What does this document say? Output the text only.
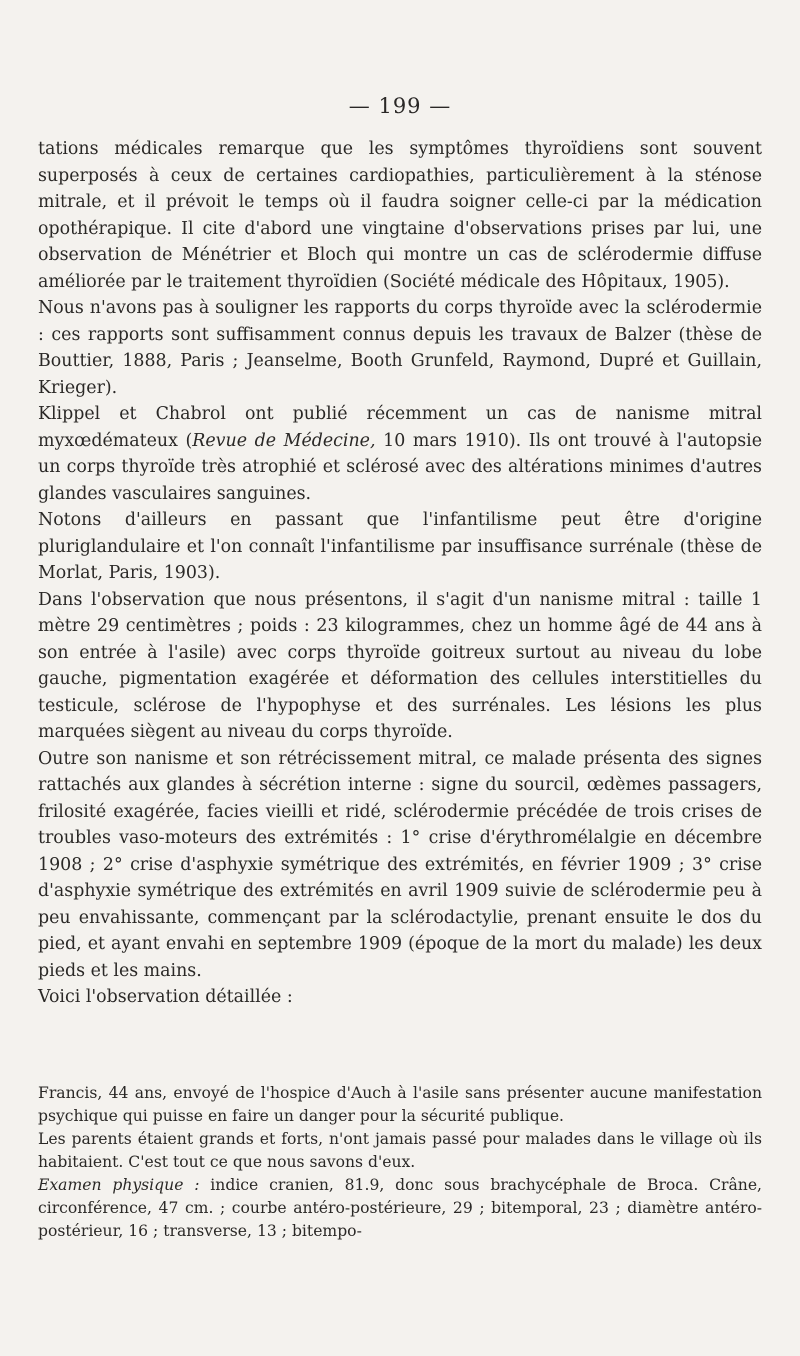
— 199 —

tations médicales remarque que les symptômes thyroïdiens sont souvent superposés à ceux de certaines cardiopathies, particulièrement à la sténose mitrale, et il prévoit le temps où il faudra soigner celle-ci par la médication opothérapique. Il cite d'abord une vingtaine d'observations prises par lui, une observation de Ménétrier et Bloch qui montre un cas de sclérodermie diffuse améliorée par le traitement thyroïdien (Société médicale des Hôpitaux, 1905).

Nous n'avons pas à souligner les rapports du corps thyroïde avec la sclérodermie : ces rapports sont suffisamment connus depuis les travaux de Balzer (thèse de Bouttier, 1888, Paris ; Jeanselme, Booth Grunfeld, Raymond, Dupré et Guillain, Krieger).

Klippel et Chabrol ont publié récemment un cas de nanisme mitral myxœdémateux (Revue de Médecine, 10 mars 1910). Ils ont trouvé à l'autopsie un corps thyroïde très atrophié et sclérosé avec des altérations minimes d'autres glandes vasculaires sanguines.

Notons d'ailleurs en passant que l'infantilisme peut être d'origine pluriglandulaire et l'on connaît l'infantilisme par insuffisance surrénale (thèse de Morlat, Paris, 1903).

Dans l'observation que nous présentons, il s'agit d'un nanisme mitral : taille 1 mètre 29 centimètres ; poids : 23 kilogrammes, chez un homme âgé de 44 ans à son entrée à l'asile) avec corps thyroïde goitreux surtout au niveau du lobe gauche, pigmentation exagérée et déformation des cellules interstitielles du testicule, sclérose de l'hypophyse et des surrénales. Les lésions les plus marquées siègent au niveau du corps thyroïde.

Outre son nanisme et son rétrécissement mitral, ce malade présenta des signes rattachés aux glandes à sécrétion interne : signe du sourcil, œdèmes passagers, frilosité exagérée, facies vieilli et ridé, sclérodermie précédée de trois crises de troubles vaso-moteurs des extrémités : 1° crise d'érythromélalgie en décembre 1908 ; 2° crise d'asphyxie symétrique des extrémités, en février 1909 ; 3° crise d'asphyxie symétrique des extrémités en avril 1909 suivie de sclérodermie peu à peu envahissante, commençant par la sclérodactylie, prenant ensuite le dos du pied, et ayant envahi en septembre 1909 (époque de la mort du malade) les deux pieds et les mains.

Voici l'observation détaillée :

Francis, 44 ans, envoyé de l'hospice d'Auch à l'asile sans présenter aucune manifestation psychique qui puisse en faire un danger pour la sécurité publique.

Les parents étaient grands et forts, n'ont jamais passé pour malades dans le village où ils habitaient. C'est tout ce que nous savons d'eux.

Examen physique : indice cranien, 81.9, donc sous brachycéphale de Broca. Crâne, circonférence, 47 cm. ; courbe antéro-postérieure, 29 ; bitemporal, 23 ; diamètre antéro-postérieur, 16 ; transverse, 13 ; bitempo-
